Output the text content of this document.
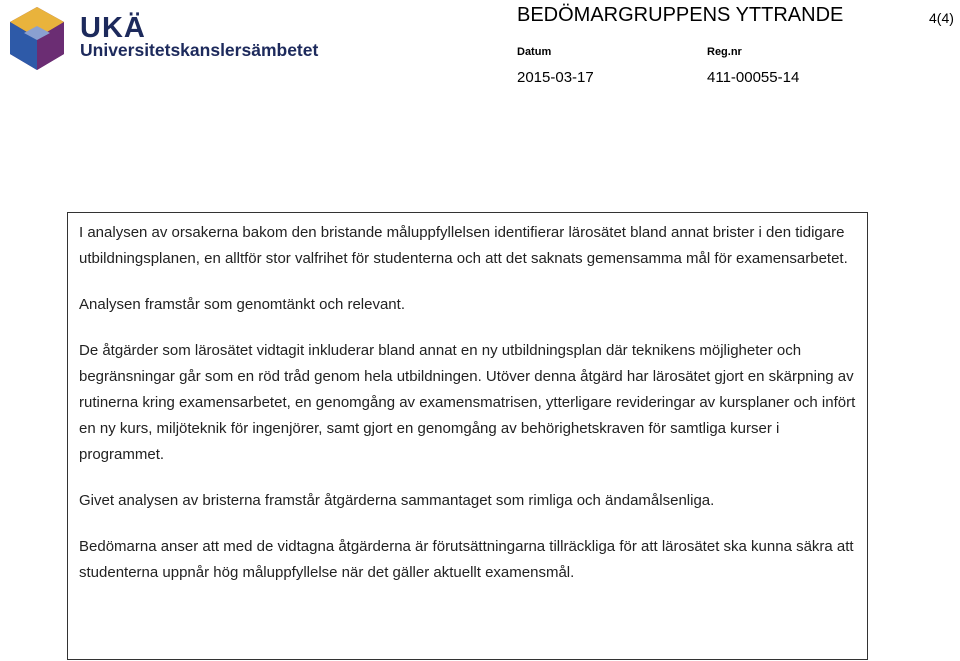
UKÄ
Universitetskanslersämbetet
BEDÖMARGRUPPENS YTTRANDE	4(4)
Datum
2015-03-17
Reg.nr
411-00055-14

I analysen av orsakerna bakom den bristande måluppfyllelsen identifierar lärosätet bland annat brister i den tidigare utbildningsplanen, en alltför stor valfrihet för studenterna och att det saknats gemensamma mål för examensarbetet.

Analysen framstår som genomtänkt och relevant.

De åtgärder som lärosätet vidtagit inkluderar bland annat en ny utbildningsplan där teknikens möjligheter och begränsningar går som en röd tråd genom hela utbildningen. Utöver denna åtgärd har lärosätet gjort en skärpning av rutinerna kring examensarbetet, en genomgång av examensmatrisen, ytterligare revideringar av kursplaner och infört en ny kurs, miljöteknik för ingenjörer, samt gjort en genomgång av behörighetskraven för samtliga kurser i programmet.

Givet analysen av bristerna framstår åtgärderna sammantaget som rimliga och ändamålsenliga.

Bedömarna anser att med de vidtagna åtgärderna är förutsättningarna tillräckliga för att lärosätet ska kunna säkra att studenterna uppnår hög måluppfyllelse när det gäller aktuellt examensmål.
